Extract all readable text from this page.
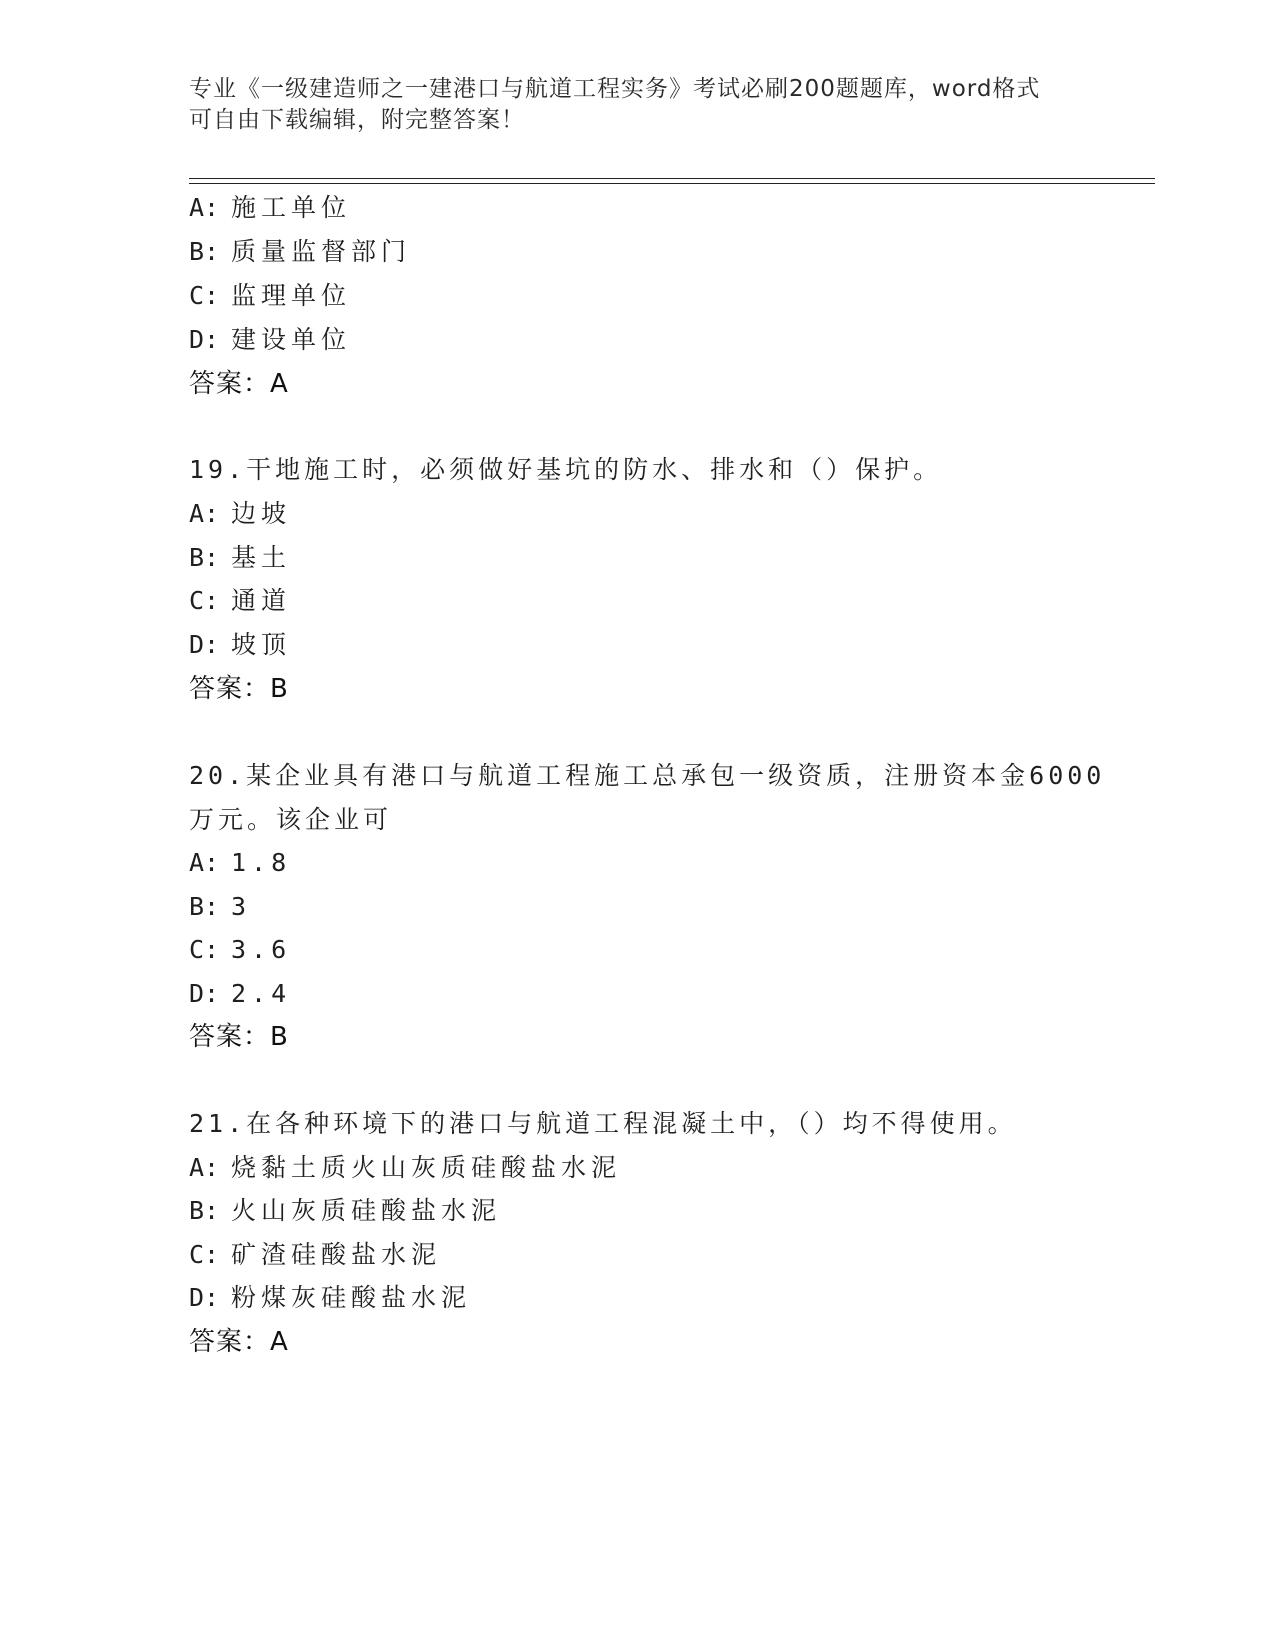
专业《一级建造师之一建港口与航道工程实务》考试必刷200题题库，word格式
可自由下载编辑，附完整答案！
A: 施工单位
B: 质量监督部门
C: 监理单位
D: 建设单位
答案：A
19.干地施工时，必须做好基坑的防水、排水和（）保护。
A: 边坡
B: 基土
C: 通道
D: 坡顶
答案：B
20.某企业具有港口与航道工程施工总承包一级资质，注册资本金6000
万元。该企业可
A: 1.8
B: 3
C: 3.6
D: 2.4
答案：B
21.在各种环境下的港口与航道工程混凝土中，（）均不得使用。
A: 烧黏土质火山灰质硅酸盐水泥
B: 火山灰质硅酸盐水泥
C: 矿渣硅酸盐水泥
D: 粉煤灰硅酸盐水泥
答案：A
